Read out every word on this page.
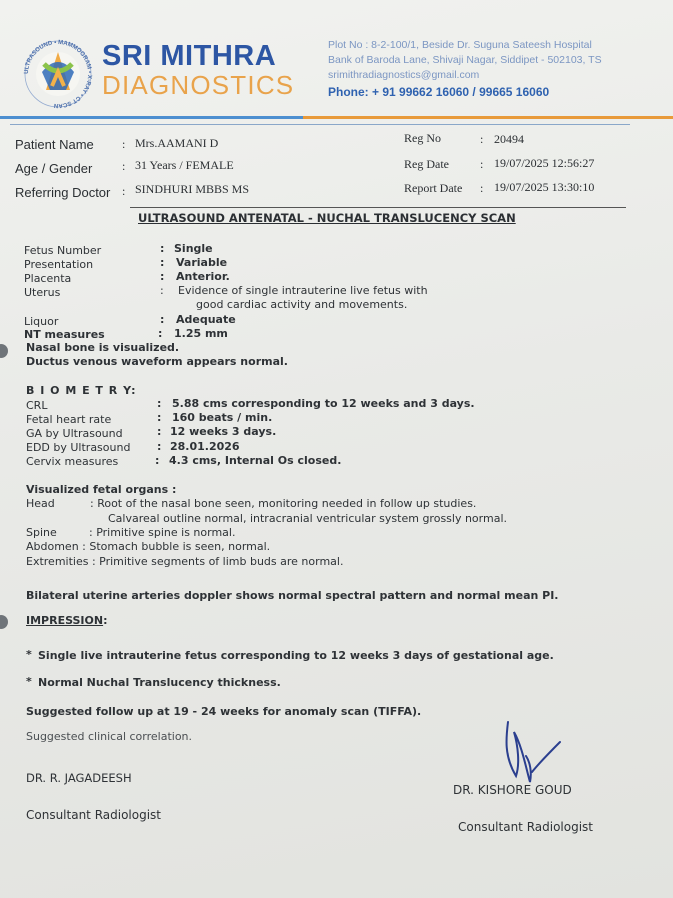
ULTRASOUND • MAMMOGRAM • X-RAY • CT SCAN
SRI MITHRA
DIAGNOSTICS
Plot No : 8-2-100/1, Beside Dr. Suguna Sateesh Hospital
Bank of Baroda Lane, Shivaji Nagar, Siddipet - 502103, TS
srimithradiagnostics@gmail.com
Phone: + 91 99662 16060 / 99665 16060
Patient Name : Mrs.AAMANI D
Age / Gender : 31 Years / FEMALE
Referring Doctor : SINDHURI MBBS MS
Reg No	: 20494
Reg Date	: 19/07/2025 12:56:27
Report Date : 19/07/2025 13:30:10
ULTRASOUND ANTENATAL - NUCHAL TRANSLUCENCY SCAN
Fetus Number	: Single
Presentation	: Variable
Placenta	: Anterior.
Uterus	: Evidence of single intrauterine live fetus with
good cardiac activity and movements.
Liquor	: Adequate
NT measures	: 1.25 mm
Nasal bone is visualized.
Ductus venous waveform appears normal.
B I O M E T R Y:
CRL	: 5.88 cms corresponding to 12 weeks and 3 days.
Fetal heart rate	: 160 beats / min.
GA by Ultrasound	: 12 weeks 3 days.
EDD by Ultrasound : 28.01.2026
Cervix measures	: 4.3 cms, Internal Os closed.
Visualized fetal organs :
Head	: Root of the nasal bone seen, monitoring needed in follow up studies.
Calvareal outline normal, intracranial ventricular system grossly normal.
Spine	: Primitive spine is normal.
Abdomen : Stomach bubble is seen, normal.
Extremities : Primitive segments of limb buds are normal.
Bilateral uterine arteries doppler shows normal spectral pattern and normal mean PI.
IMPRESSION:
* Single live intrauterine fetus corresponding to 12 weeks 3 days of gestational age.
* Normal Nuchal Translucency thickness.
Suggested follow up at 19 - 24 weeks for anomaly scan (TIFFA).
Suggested clinical correlation.
DR. R. JAGADEESH
Consultant Radiologist
DR. KISHORE GOUD
Consultant Radiologist
